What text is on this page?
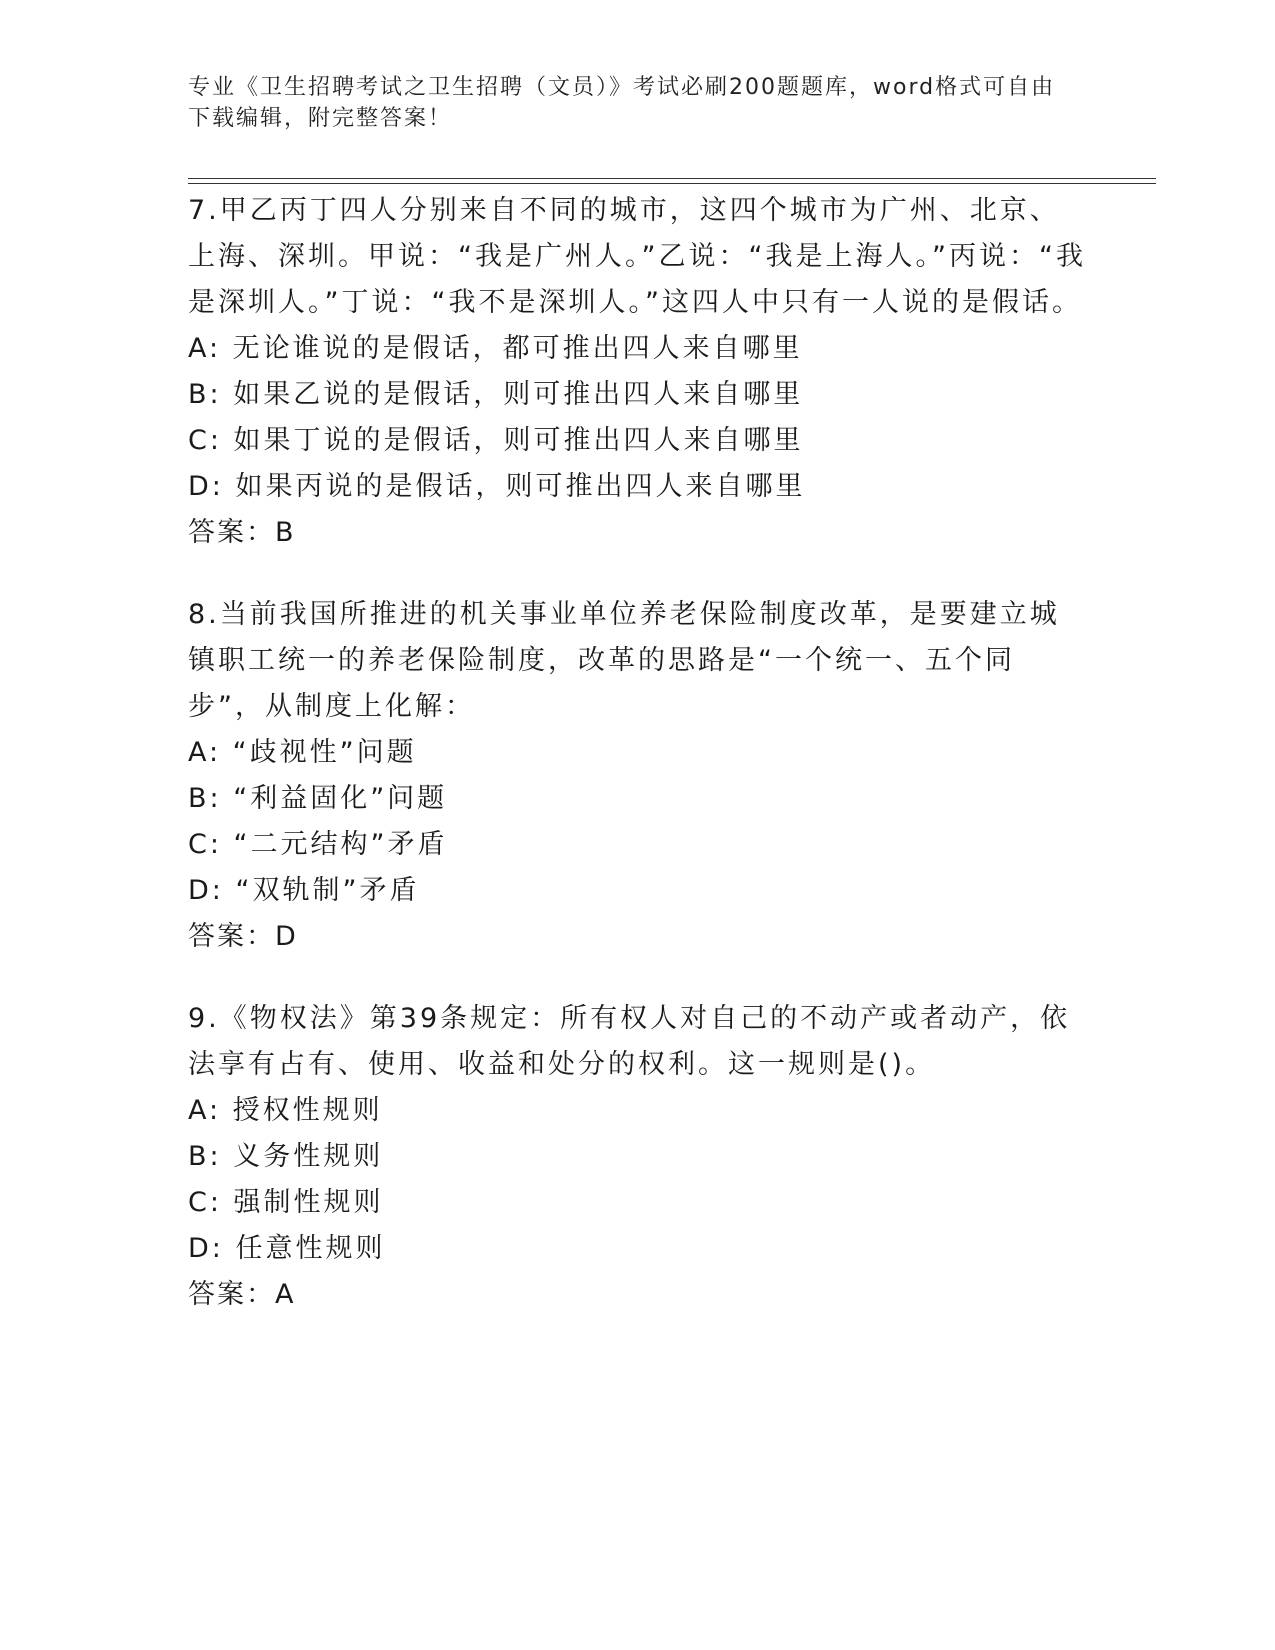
专业《卫生招聘考试之卫生招聘（文员）》考试必刷200题题库，word格式可自由下载编辑，附完整答案！

7.甲乙丙丁四人分别来自不同的城市，这四个城市为广州、北京、上海、深圳。甲说：“我是广州人。”乙说：“我是上海人。”丙说：“我是深圳人。”丁说：“我不是深圳人。”这四人中只有一人说的是假话。

A: 无论谁说的是假话，都可推出四人来自哪里

B: 如果乙说的是假话，则可推出四人来自哪里

C: 如果丁说的是假话，则可推出四人来自哪里

D: 如果丙说的是假话，则可推出四人来自哪里

答案：B

8.当前我国所推进的机关事业单位养老保险制度改革，是要建立城镇职工统一的养老保险制度，改革的思路是“一个统一、五个同步”，从制度上化解：

A: “歧视性”问题

B: “利益固化”问题

C: “二元结构”矛盾

D: “双轨制”矛盾

答案：D

9.《物权法》第39条规定：所有权人对自己的不动产或者动产，依法享有占有、使用、收益和处分的权利。这一规则是()。

A: 授权性规则

B: 义务性规则

C: 强制性规则

D: 任意性规则

答案：A
